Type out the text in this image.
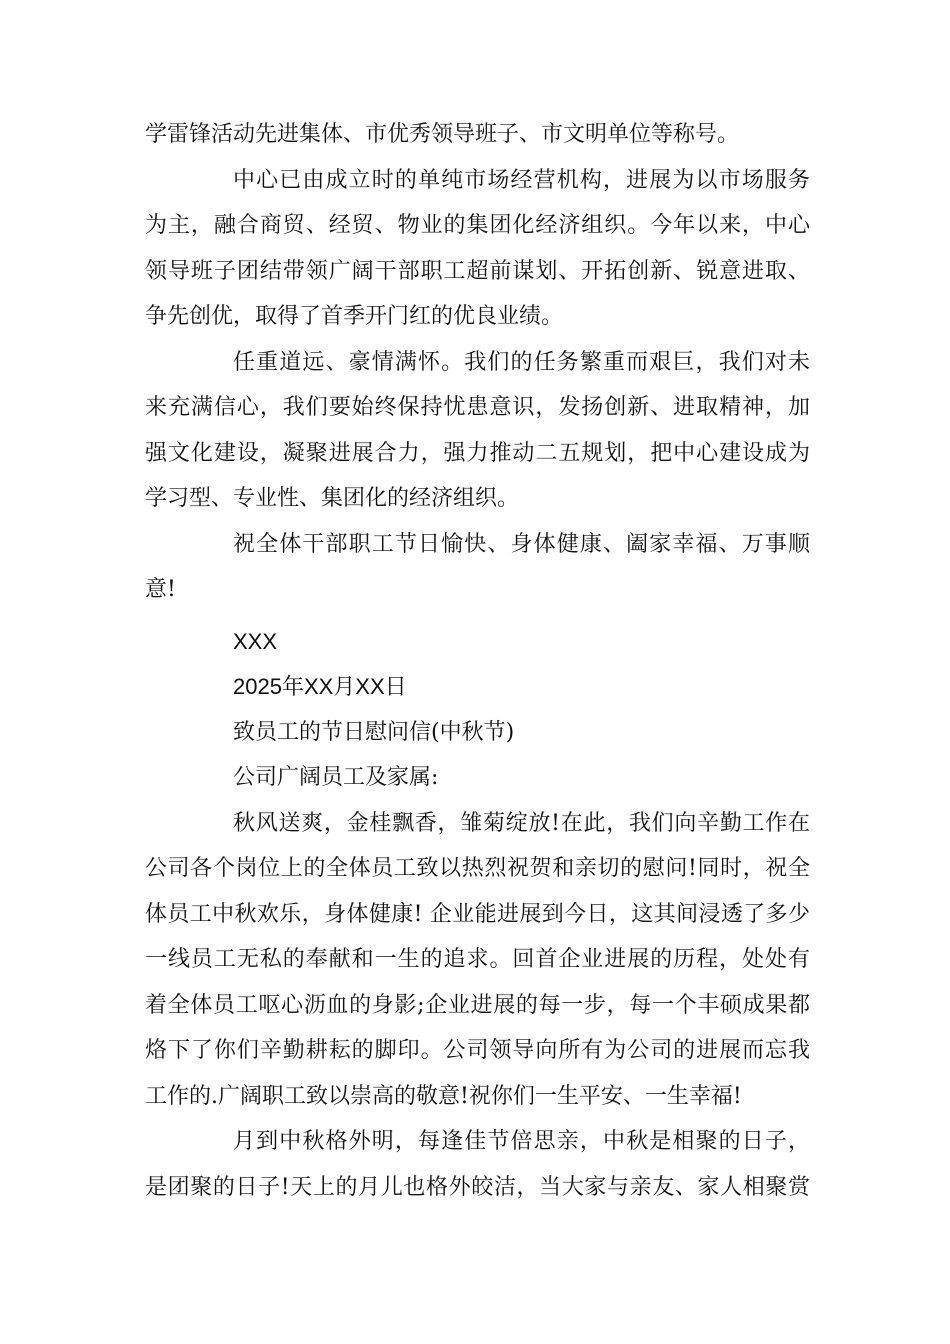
学雷锋活动先进集体、市优秀领导班子、市文明单位等称号。
中心已由成立时的单纯市场经营机构，进展为以市场服务
为主，融合商贸、经贸、物业的集团化经济组织。今年以来，中心
领导班子团结带领广阔干部职工超前谋划、开拓创新、锐意进取、
争先创优，取得了首季开门红的优良业绩。
任重道远、豪情满怀。我们的任务繁重而艰巨，我们对未
来充满信心，我们要始终保持忧患意识，发扬创新、进取精神，加
强文化建设，凝聚进展合力，强力推动二五规划，把中心建设成为
学习型、专业性、集团化的经济组织。
祝全体干部职工节日愉快、身体健康、阖家幸福、万事顺
意!
XXX
2025年XX月XX日
致员工的节日慰问信(中秋节)
公司广阔员工及家属:
秋风送爽，金桂飘香，雏菊绽放!在此，我们向辛勤工作在
公司各个岗位上的全体员工致以热烈祝贺和亲切的慰问!同时，祝全
体员工中秋欢乐，身体健康! 企业能进展到今日，这其间浸透了多少
一线员工无私的奉献和一生的追求。回首企业进展的历程，处处有
着全体员工呕心沥血的身影;企业进展的每一步，每一个丰硕成果都
烙下了你们辛勤耕耘的脚印。公司领导向所有为公司的进展而忘我
工作的.广阔职工致以崇高的敬意!祝你们一生平安、一生幸福!
月到中秋格外明，每逢佳节倍思亲，中秋是相聚的日子，
是团聚的日子!天上的月儿也格外皎洁，当大家与亲友、家人相聚赏
